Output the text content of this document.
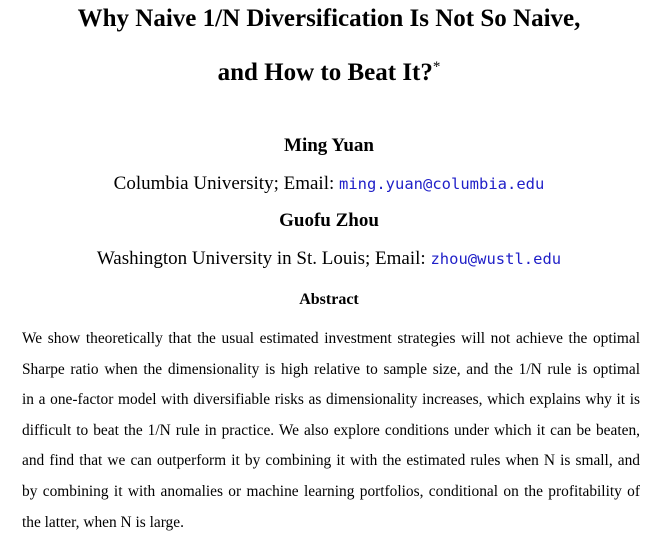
Why Naive 1/N Diversification Is Not So Naive,
and How to Beat It?*
Ming Yuan
Columbia University; Email: ming.yuan@columbia.edu
Guofu Zhou
Washington University in St. Louis; Email: zhou@wustl.edu
Abstract
We show theoretically that the usual estimated investment strategies will not achieve the optimal
Sharpe ratio when the dimensionality is high relative to sample size, and the 1/N rule is optimal
in a one-factor model with diversifiable risks as dimensionality increases, which explains why it is
difficult to beat the 1/N rule in practice. We also explore conditions under which it can be beaten,
and find that we can outperform it by combining it with the estimated rules when N is small, and
by combining it with anomalies or machine learning portfolios, conditional on the profitability of
the latter, when N is large.
